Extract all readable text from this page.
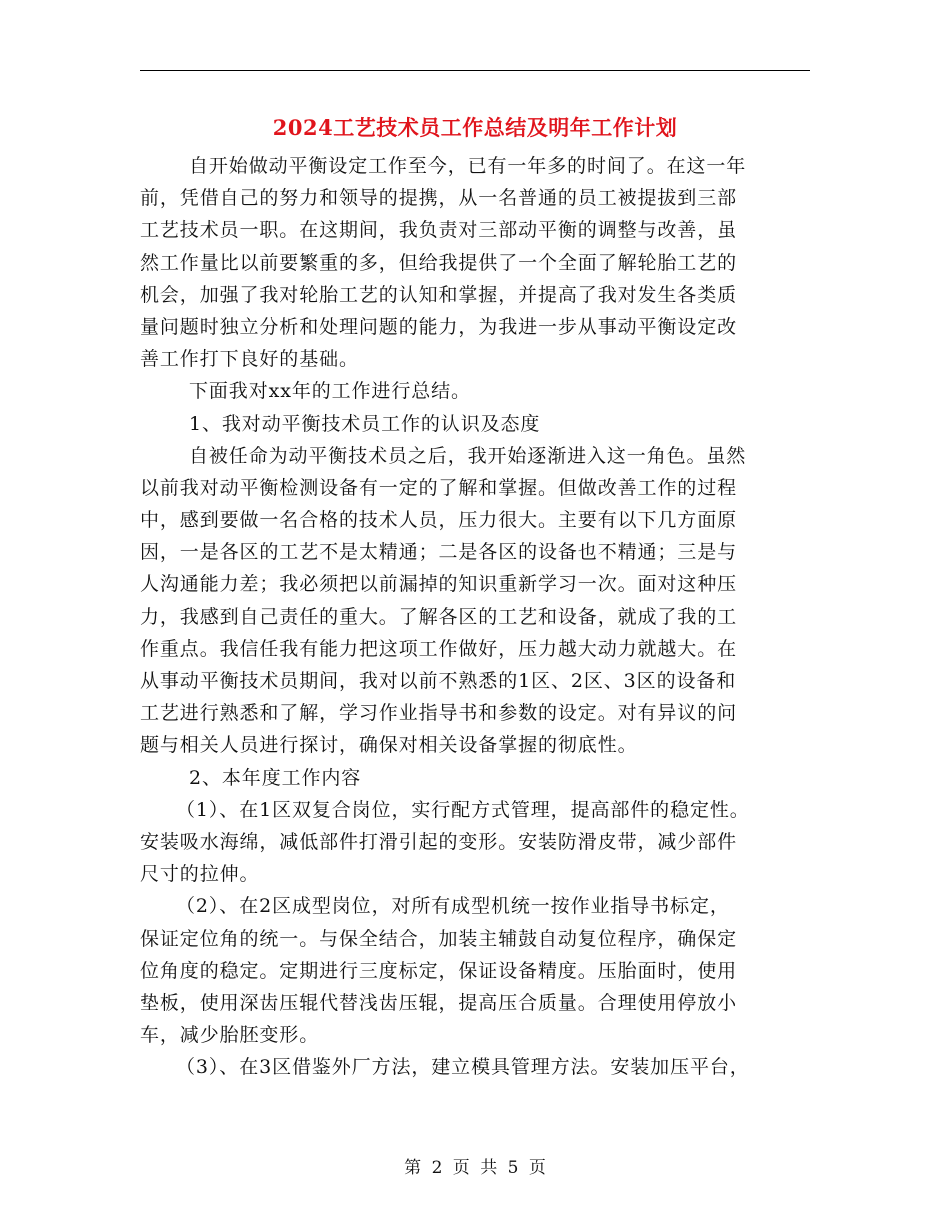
2024工艺技术员工作总结及明年工作计划
自开始做动平衡设定工作至今，已有一年多的时间了。在这一年
前，凭借自己的努力和领导的提携，从一名普通的员工被提拔到三部
工艺技术员一职。在这期间，我负责对三部动平衡的调整与改善，虽
然工作量比以前要繁重的多，但给我提供了一个全面了解轮胎工艺的
机会，加强了我对轮胎工艺的认知和掌握，并提高了我对发生各类质
量问题时独立分析和处理问题的能力，为我进一步从事动平衡设定改
善工作打下良好的基础。
下面我对xx年的工作进行总结。
1、我对动平衡技术员工作的认识及态度
自被任命为动平衡技术员之后，我开始逐渐进入这一角色。虽然
以前我对动平衡检测设备有一定的了解和掌握。但做改善工作的过程
中，感到要做一名合格的技术人员，压力很大。主要有以下几方面原
因，一是各区的工艺不是太精通；二是各区的设备也不精通；三是与
人沟通能力差；我必须把以前漏掉的知识重新学习一次。面对这种压
力，我感到自己责任的重大。了解各区的工艺和设备，就成了我的工
作重点。我信任我有能力把这项工作做好，压力越大动力就越大。在
从事动平衡技术员期间，我对以前不熟悉的1区、2区、3区的设备和
工艺进行熟悉和了解，学习作业指导书和参数的设定。对有异议的问
题与相关人员进行探讨，确保对相关设备掌握的彻底性。
2、本年度工作内容
（1）、在1区双复合岗位，实行配方式管理，提高部件的稳定性。
安装吸水海绵，减低部件打滑引起的变形。安装防滑皮带，减少部件
尺寸的拉伸。
（2）、在2区成型岗位，对所有成型机统一按作业指导书标定，
保证定位角的统一。与保全结合，加装主辅鼓自动复位程序，确保定
位角度的稳定。定期进行三度标定，保证设备精度。压胎面时，使用
垫板，使用深齿压辊代替浅齿压辊，提高压合质量。合理使用停放小
车，减少胎胚变形。
（3）、在3区借鉴外厂方法，建立模具管理方法。安装加压平台，
第 2 页 共 5 页
